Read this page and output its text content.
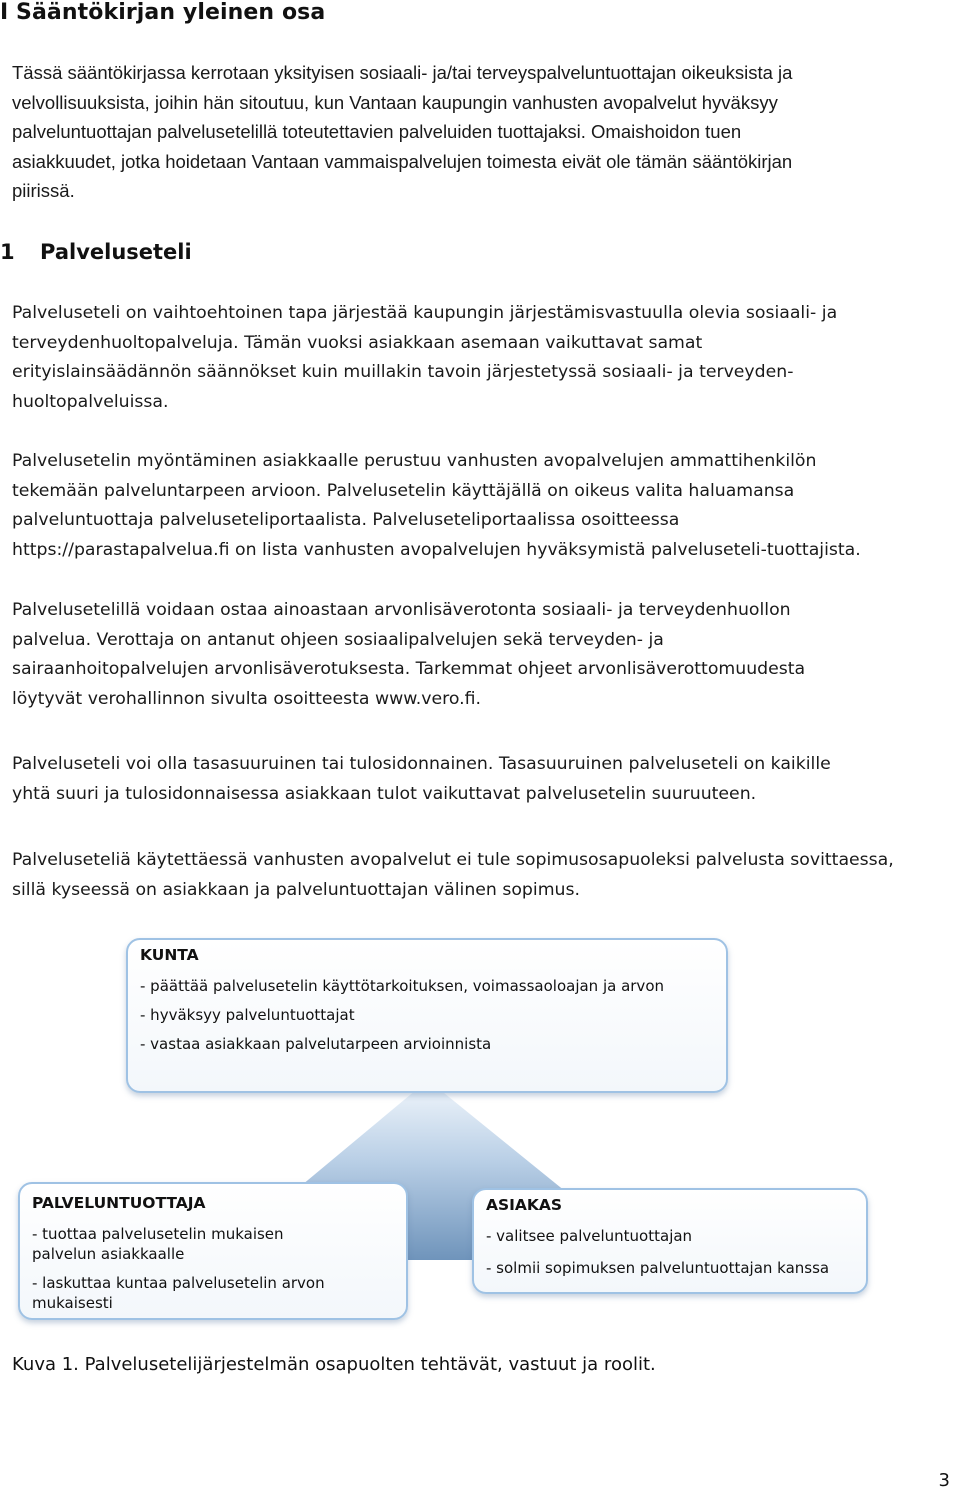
I Sääntökirjan yleinen osa
Tässä sääntökirjassa kerrotaan yksityisen sosiaali- ja/tai terveyspalveluntuottajan oikeuksista ja
velvollisuuksista, joihin hän sitoutuu, kun Vantaan kaupungin vanhusten avopalvelut hyväksyy
palveluntuottajan palvelusetelillä toteutettavien palveluiden tuottajaksi. Omaishoidon tuen
asiakkuudet, jotka hoidetaan Vantaan vammaispalvelujen toimesta eivät ole tämän sääntökirjan
piirissä.
1 Palveluseteli
Palveluseteli on vaihtoehtoinen tapa järjestää kaupungin järjestämisvastuulla olevia sosiaali- ja
terveydenhuoltopalveluja. Tämän vuoksi asiakkaan asemaan vaikuttavat samat
erityislainsäädännön säännökset kuin muillakin tavoin järjestetyssä sosiaali- ja terveyden-
huoltopalveluissa.
Palvelusetelin myöntäminen asiakkaalle perustuu vanhusten avopalvelujen ammattihenkilön
tekemään palveluntarpeen arvioon. Palvelusetelin käyttäjällä on oikeus valita haluamansa
palveluntuottaja palveluseteliportaalista. Palveluseteliportaalissa osoitteessa
https://parastapalvelua.fi on lista vanhusten avopalvelujen hyväksymistä palveluseteli-tuottajista.
Palvelusetelillä voidaan ostaa ainoastaan arvonlisäverotonta sosiaali- ja terveydenhuollon
palvelua. Verottaja on antanut ohjeen sosiaalipalvelujen sekä terveyden- ja
sairaanhoitopalvelujen arvonlisäverotuksesta. Tarkemmat ohjeet arvonlisäverottomuudesta
löytyvät verohallinnon sivulta osoitteesta www.vero.fi.
Palveluseteli voi olla tasasuuruinen tai tulosidonnainen. Tasasuuruinen palveluseteli on kaikille
yhtä suuri ja tulosidonnaisessa asiakkaan tulot vaikuttavat palvelusetelin suuruuteen.
Palveluseteliä käytettäessä vanhusten avopalvelut ei tule sopimusosapuoleksi palvelusta sovittaessa,
sillä kyseessä on asiakkaan ja palveluntuottajan välinen sopimus.
KUNTA
- päättää palvelusetelin käyttötarkoituksen, voimassaoloajan ja arvon
- hyväksyy palveluntuottajat
- vastaa asiakkaan palvelutarpeen arvioinnista
PALVELUNTUOTTAJA
- tuottaa palvelusetelin mukaisen palvelun asiakkaalle
- laskuttaa kuntaa palvelusetelin arvon mukaisesti
ASIAKAS
- valitsee palveluntuottajan
- solmii sopimuksen palveluntuottajan kanssa
Kuva 1. Palvelusetelijärjestelmän osapuolten tehtävät, vastuut ja roolit.
3
